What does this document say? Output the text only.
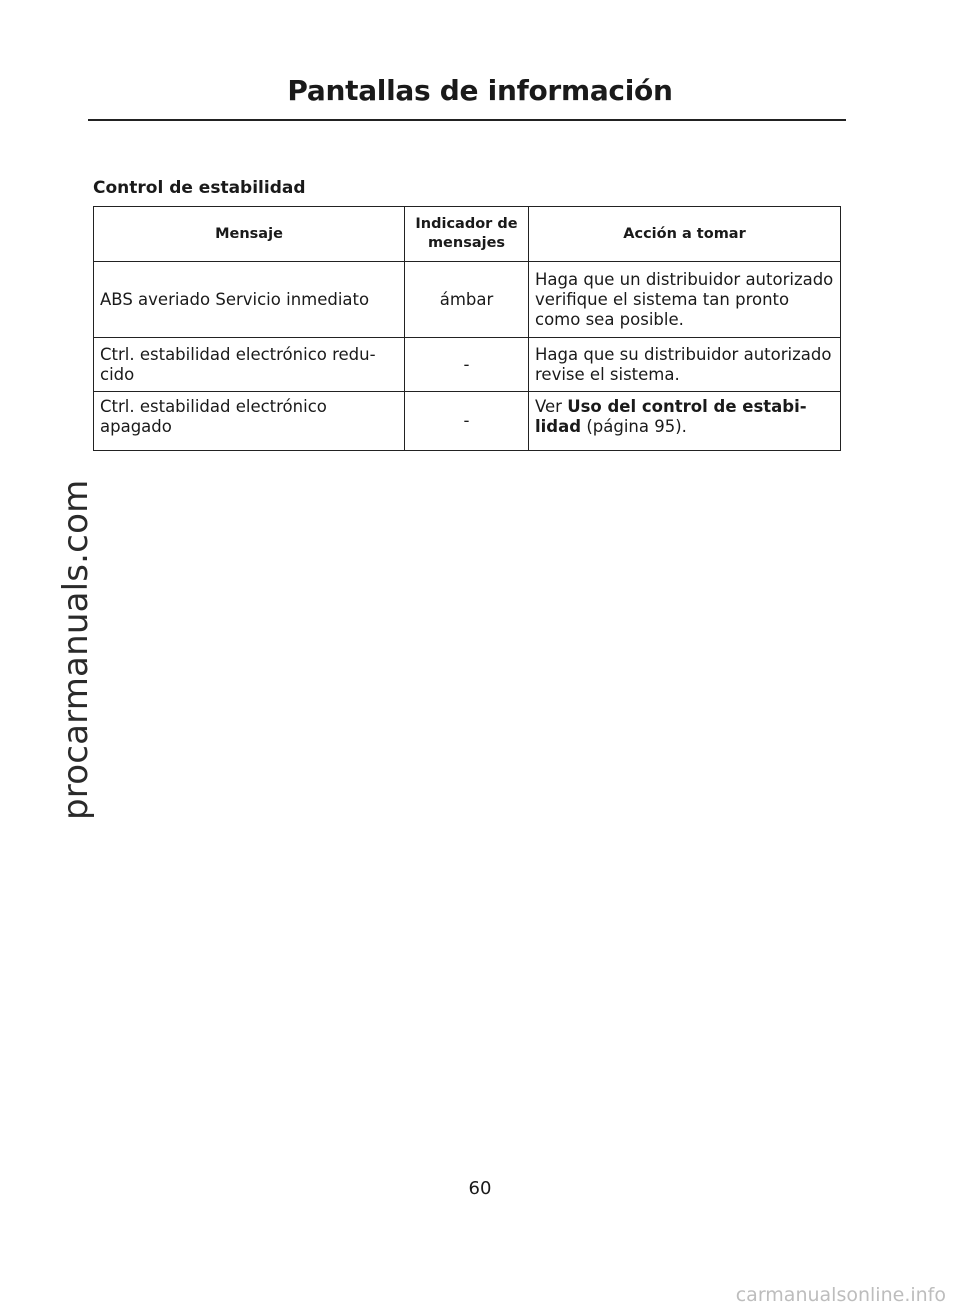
Pantallas de información
Control de estabilidad
Mensaje	Indicador de mensajes	Acción a tomar
ABS averiado Servicio inmediato	ámbar	Haga que un distribuidor autorizado verifique el sistema tan pronto como sea posible.
Ctrl. estabilidad electrónico redu-cido	-	Haga que su distribuidor autorizado revise el sistema.
Ctrl. estabilidad electrónico apagado	-	Ver Uso del control de estabi-lidad (página 95).
procarmanuals.com
60
carmanualsonline.info
